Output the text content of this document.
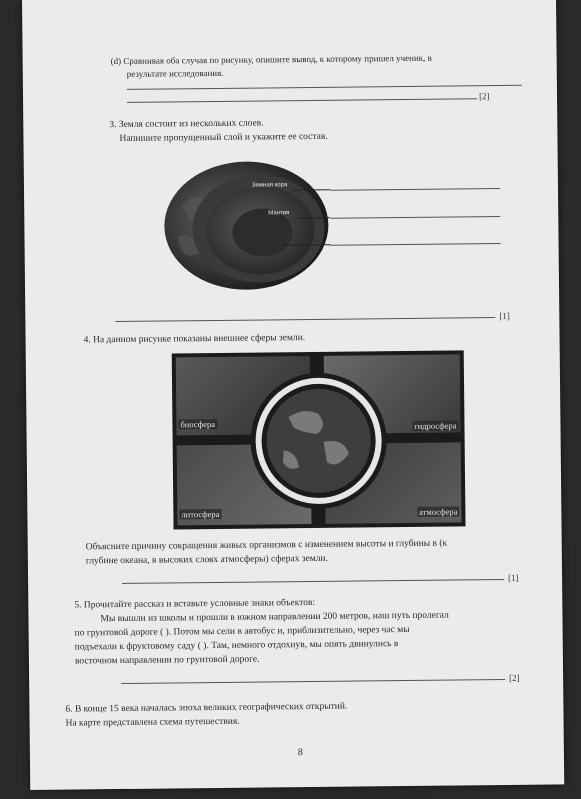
(d) Сравнивая оба случая по рисунку, опишите вывод, к которому пришел ученик, в
результате исследования.
[2]
3. Земля состоит из нескольких слоев.
Напишите пропущенный слой и укажите ее состав.
Земная кора
Мантия
[1]
4. На данном рисунке показаны внешнее сферы земли.
биосфера	гидросфера
литосфера	атмосфера
Объясните причину сокращения живых организмов с изменением высоты и глубины в (к
глубине океана, в высоких слоях атмосферы) сферах земли.
[1]
5. Прочитайте рассказ и вставьте условные знаки объектов:
Мы вышли из школы и прошли в южном направлении 200 метров, наш путь пролегал
по грунтовой дороге ( ). Потом мы сели в автобус и, приблизительно, через час мы
подъехали к фруктовому саду ( ). Там, немного отдохнув, мы опять двинулись в
восточном направлении по грунтовой дороге.
[2]
6. В конце 15 века началась эпоха великих географических открытий.
На карте представлена схема путешествия.
8
